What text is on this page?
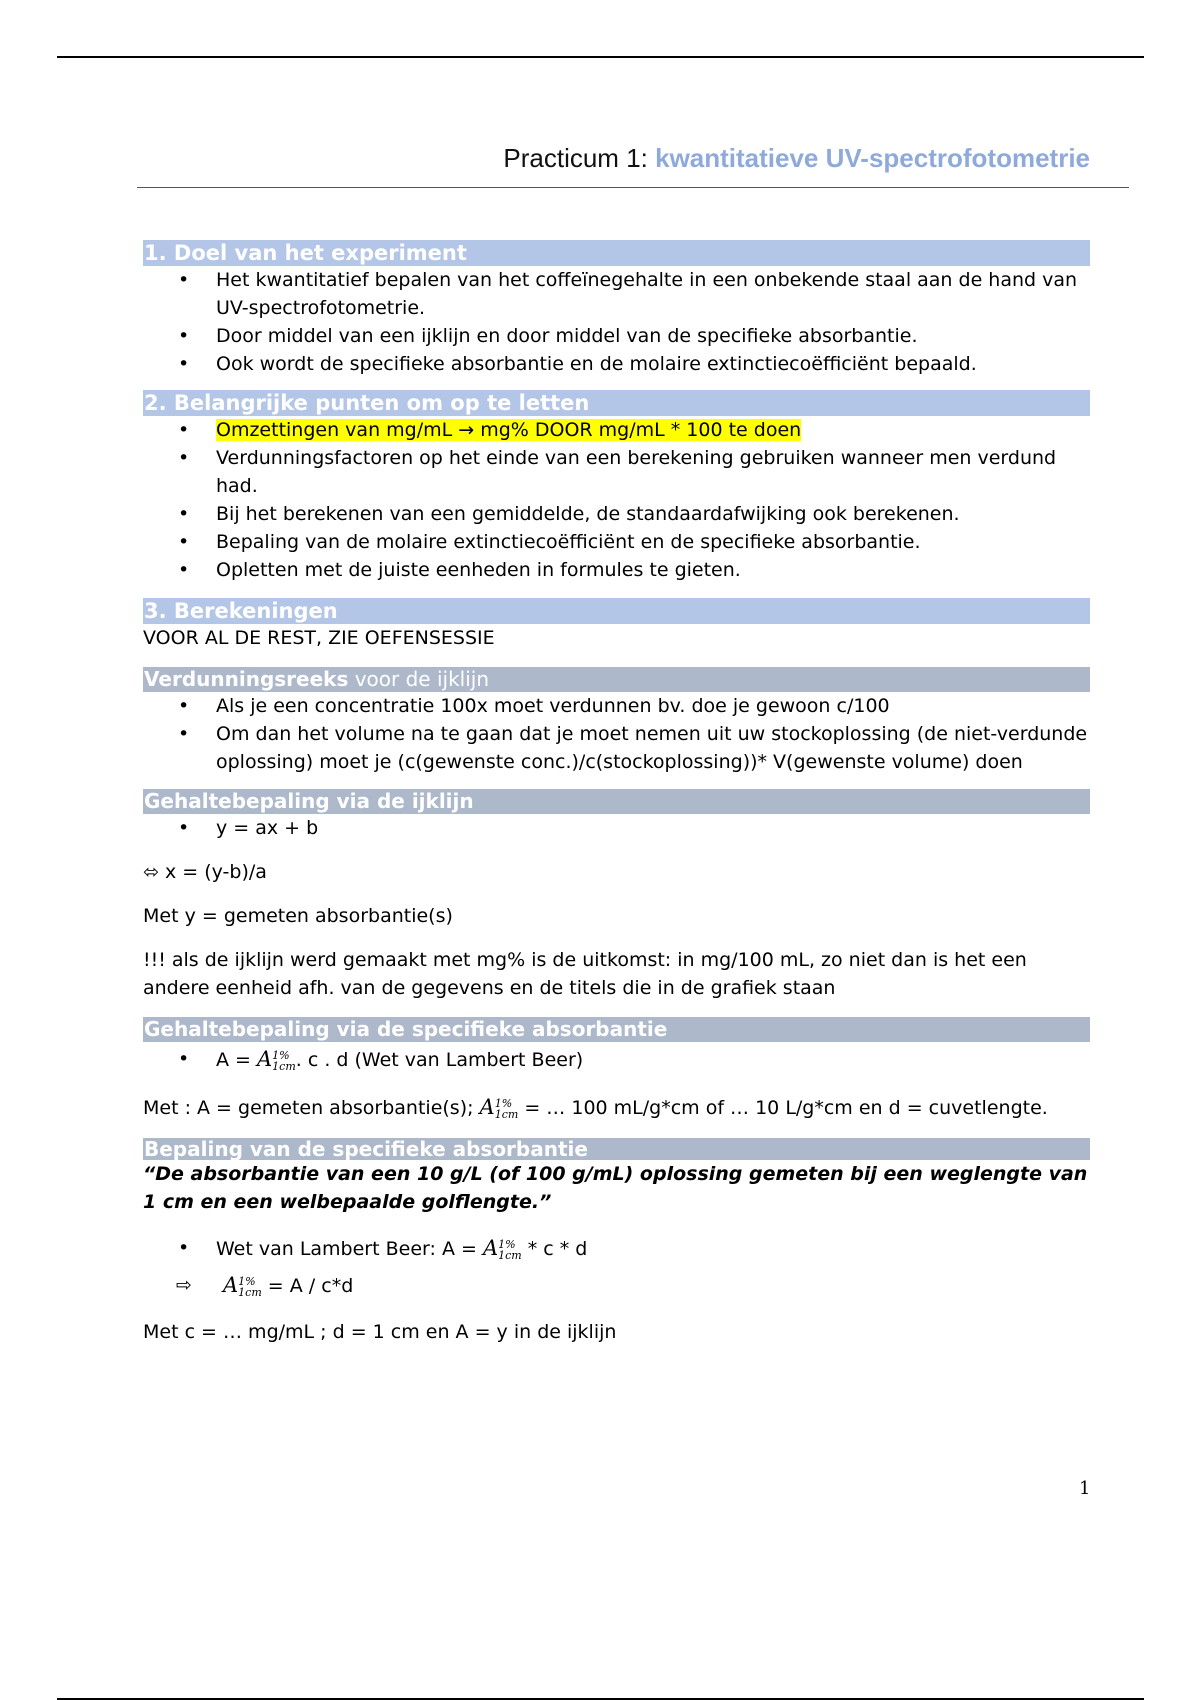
Practicum 1: kwantitatieve UV-spectrofotometrie
1. Doel van het experiment
• Het kwantitatief bepalen van het coffeïnegehalte in een onbekende staal aan de hand van UV-spectrofotometrie.
• Door middel van een ijklijn en door middel van de specifieke absorbantie.
• Ook wordt de specifieke absorbantie en de molaire extinctiecoëfficiënt bepaald.
2. Belangrijke punten om op te letten
• Omzettingen van mg/mL → mg% DOOR mg/mL * 100 te doen
• Verdunningsfactoren op het einde van een berekening gebruiken wanneer men verdund had.
• Bij het berekenen van een gemiddelde, de standaardafwijking ook berekenen.
• Bepaling van de molaire extinctiecoëfficiënt en de specifieke absorbantie.
• Opletten met de juiste eenheden in formules te gieten.
3. Berekeningen

VOOR AL DE REST, ZIE OEFENSESSIE

Verdunningsreeks voor de ijklijn
• Als je een concentratie 100x moet verdunnen bv. doe je gewoon c/100
• Om dan het volume na te gaan dat je moet nemen uit uw stockoplossing (de niet-verdunde oplossing) moet je (c(gewenste conc.)/c(stockoplossing))* V(gewenste volume) doen
Gehaltebepaling via de ijklijn
• y = ax + b

⬄ x = (y-b)/a

Met y = gemeten absorbantie(s)

!!! als de ijklijn werd gemaakt met mg% is de uitkomst: in mg/100 mL, zo niet dan is het een andere eenheid afh. van de gegevens en de titels die in de grafiek staan

Gehaltebepaling via de specifieke absorbantie
• A = A 1%
1cm . c . d (Wet van Lambert Beer)

Met : A = gemeten absorbantie(s); A 1%
1cm = … 100 mL/g*cm of … 10 L/g*cm en d = cuvetlengte.

Bepaling van de specifieke absorbantie

“De absorbantie van een 10 g/L (of 100 g/mL) oplossing gemeten bij een weglengte van 1 cm en een welbepaalde golflengte.”

• Wet van Lambert Beer: A = A 1%
1cm * c * d
⇨ A 1%
1cm = A / c*d

Met c = … mg/mL ; d = 1 cm en A = y in de ijklijn

1
